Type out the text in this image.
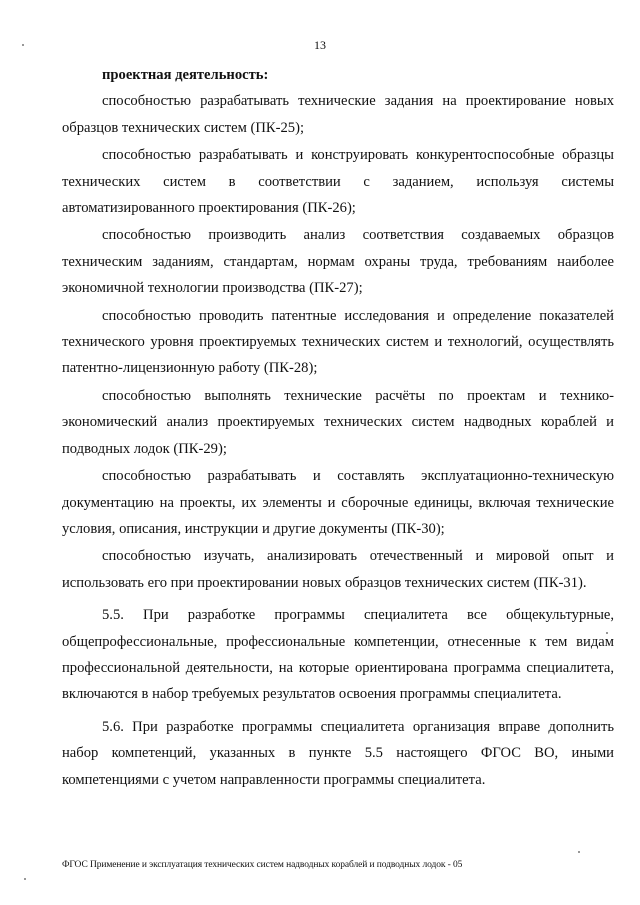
13

проектная деятельность:

способностью разрабатывать технические задания на проектирование новых образцов технических систем (ПК-25);

способностью разрабатывать и конструировать конкурентоспособные образцы технических систем в соответствии с заданием, используя системы автоматизированного проектирования (ПК-26);

способностью производить анализ соответствия создаваемых образцов техническим заданиям, стандартам, нормам охраны труда, требованиям наиболее экономичной технологии производства (ПК-27);

способностью проводить патентные исследования и определение показателей технического уровня проектируемых технических систем и технологий, осуществлять патентно-лицензионную работу (ПК-28);

способностью выполнять технические расчёты по проектам и технико-экономический анализ проектируемых технических систем надводных кораблей и подводных лодок (ПК-29);

способностью разрабатывать и составлять эксплуатационно-техническую документацию на проекты, их элементы и сборочные единицы, включая технические условия, описания, инструкции и другие документы (ПК-30);

способностью изучать, анализировать отечественный и мировой опыт и использовать его при проектировании новых образцов технических систем (ПК-31).

5.5. При разработке программы специалитета все общекультурные, общепрофессиональные, профессиональные компетенции, отнесенные к тем видам профессиональной деятельности, на которые ориентирована программа специалитета, включаются в набор требуемых результатов освоения программы специалитета.

5.6. При разработке программы специалитета организация вправе дополнить набор компетенций, указанных в пункте 5.5 настоящего ФГОС ВО, иными компетенциями с учетом направленности программы специалитета.

ФГОС Применение и эксплуатация технических систем надводных кораблей и подводных лодок - 05
